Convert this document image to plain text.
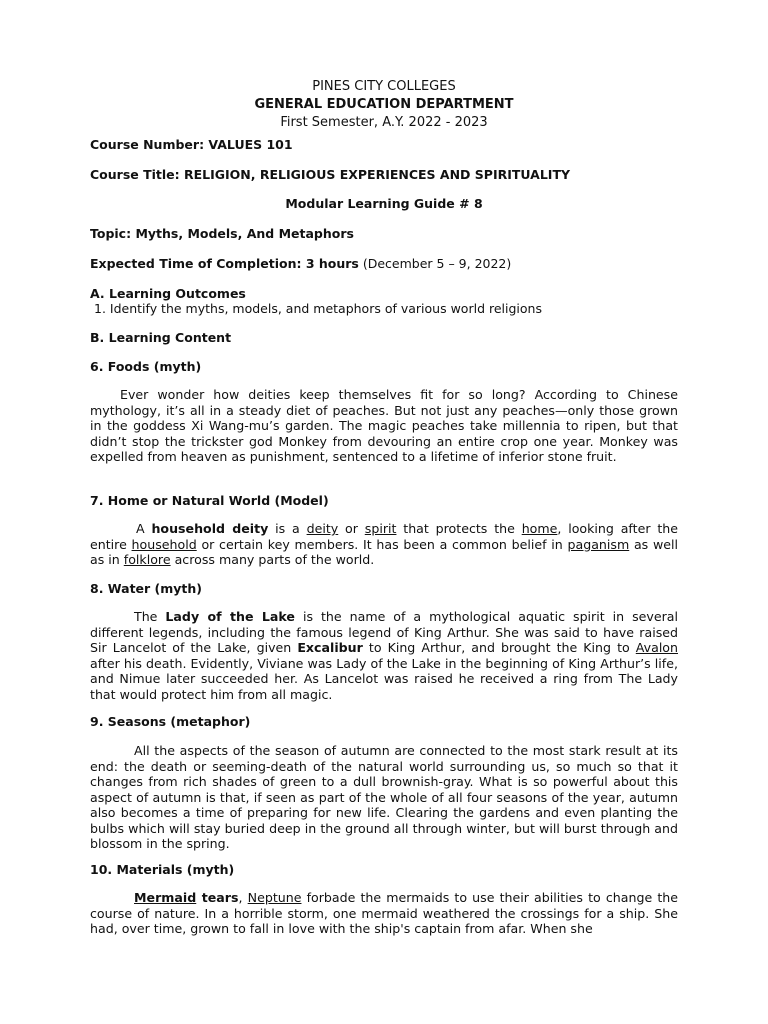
PINES CITY COLLEGES
GENERAL EDUCATION DEPARTMENT
First Semester, A.Y. 2022 - 2023
Course Number: VALUES 101
Course Title: RELIGION, RELIGIOUS EXPERIENCES AND SPIRITUALITY
Modular Learning Guide # 8
Topic: Myths, Models, And Metaphors
Expected Time of Completion: 3 hours (December 5 – 9, 2022)
A. Learning Outcomes
1. Identify the myths, models, and metaphors of various world religions
B. Learning Content
6. Foods (myth)
Ever wonder how deities keep themselves fit for so long? According to Chinese mythology, it’s all in a steady diet of peaches. But not just any peaches—only those grown in the goddess Xi Wang-mu’s garden. The magic peaches take millennia to ripen, but that didn’t stop the trickster god Monkey from devouring an entire crop one year. Monkey was expelled from heaven as punishment, sentenced to a lifetime of inferior stone fruit.
7. Home or Natural World (Model)
A household deity is a deity or spirit that protects the home, looking after the entire household or certain key members. It has been a common belief in paganism as well as in folklore across many parts of the world.
8. Water (myth)
The Lady of the Lake is the name of a mythological aquatic spirit in several different legends, including the famous legend of King Arthur. She was said to have raised Sir Lancelot of the Lake, given Excalibur to King Arthur, and brought the King to Avalon after his death. Evidently, Viviane was Lady of the Lake in the beginning of King Arthur’s life, and Nimue later succeeded her. As Lancelot was raised he received a ring from The Lady that would protect him from all magic.
9. Seasons (metaphor)
All the aspects of the season of autumn are connected to the most stark result at its end: the death or seeming-death of the natural world surrounding us, so much so that it changes from rich shades of green to a dull brownish-gray. What is so powerful about this aspect of autumn is that, if seen as part of the whole of all four seasons of the year, autumn also becomes a time of preparing for new life. Clearing the gardens and even planting the bulbs which will stay buried deep in the ground all through winter, but will burst through and blossom in the spring.
10. Materials (myth)
Mermaid tears, Neptune forbade the mermaids to use their abilities to change the course of nature. In a horrible storm, one mermaid weathered the crossings for a ship. She had, over time, grown to fall in love with the ship's captain from afar. When she
